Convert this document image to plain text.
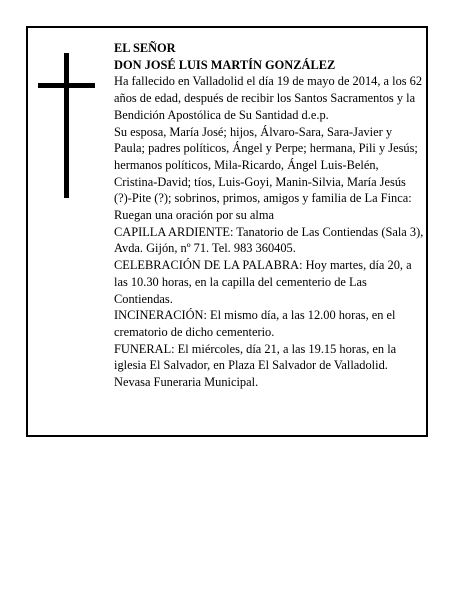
EL SEÑOR

DON JOSÉ LUIS MARTÍN GONZÁLEZ

Ha fallecido en Valladolid el día 19 de mayo de 2014, a los 62 años de edad, después de recibir los Santos Sacramentos y la Bendición Apostólica de Su Santidad d.e.p.

Su esposa, María José; hijos, Álvaro-Sara, Sara-Javier y Paula; padres políticos, Ángel y Perpe; hermana, Pili y Jesús; hermanos políticos, Mila-Ricardo, Ángel Luis-Belén, Cristina-David; tíos, Luis-Goyi, Manin-Silvia, María Jesús (?)-Pite (?); sobrinos, primos, amigos y familia de La Finca:

Ruegan una oración por su alma

CAPILLA ARDIENTE: Tanatorio de Las Contiendas (Sala 3), Avda. Gijón, nº 71. Tel. 983 360405.

CELEBRACIÓN DE LA PALABRA: Hoy martes, día 20, a las 10.30 horas, en la capilla del cementerio de Las Contiendas.

INCINERACIÓN: El mismo día, a las 12.00 horas, en el crematorio de dicho cementerio.

FUNERAL: El miércoles, día 21, a las 19.15 horas, en la iglesia El Salvador, en Plaza El Salvador de Valladolid.

Nevasa Funeraria Municipal.
